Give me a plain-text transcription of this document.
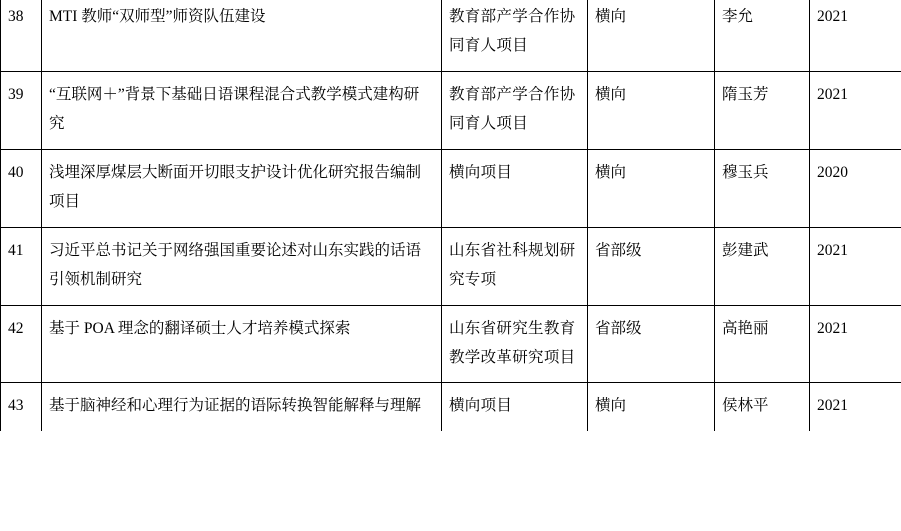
38	MTI 教师“双师型”师资队伍建设	教育部产学合作协同育人项目	横向	李允	2021
39	“互联网＋”背景下基础日语课程混合式教学模式建构研究	教育部产学合作协同育人项目	横向	隋玉芳	2021
40	浅埋深厚煤层大断面开切眼支护设计优化研究报告编制项目	横向项目	横向	穆玉兵	2020
41	习近平总书记关于网络强国重要论述对山东实践的话语引领机制研究	山东省社科规划研究专项	省部级	彭建武	2021
42	基于 POA 理念的翻译硕士人才培养模式探索	山东省研究生教育教学改革研究项目	省部级	高艳丽	2021
43	基于脑神经和心理行为证据的语际转换智能解释与理解	横向项目	横向	侯林平	2021
